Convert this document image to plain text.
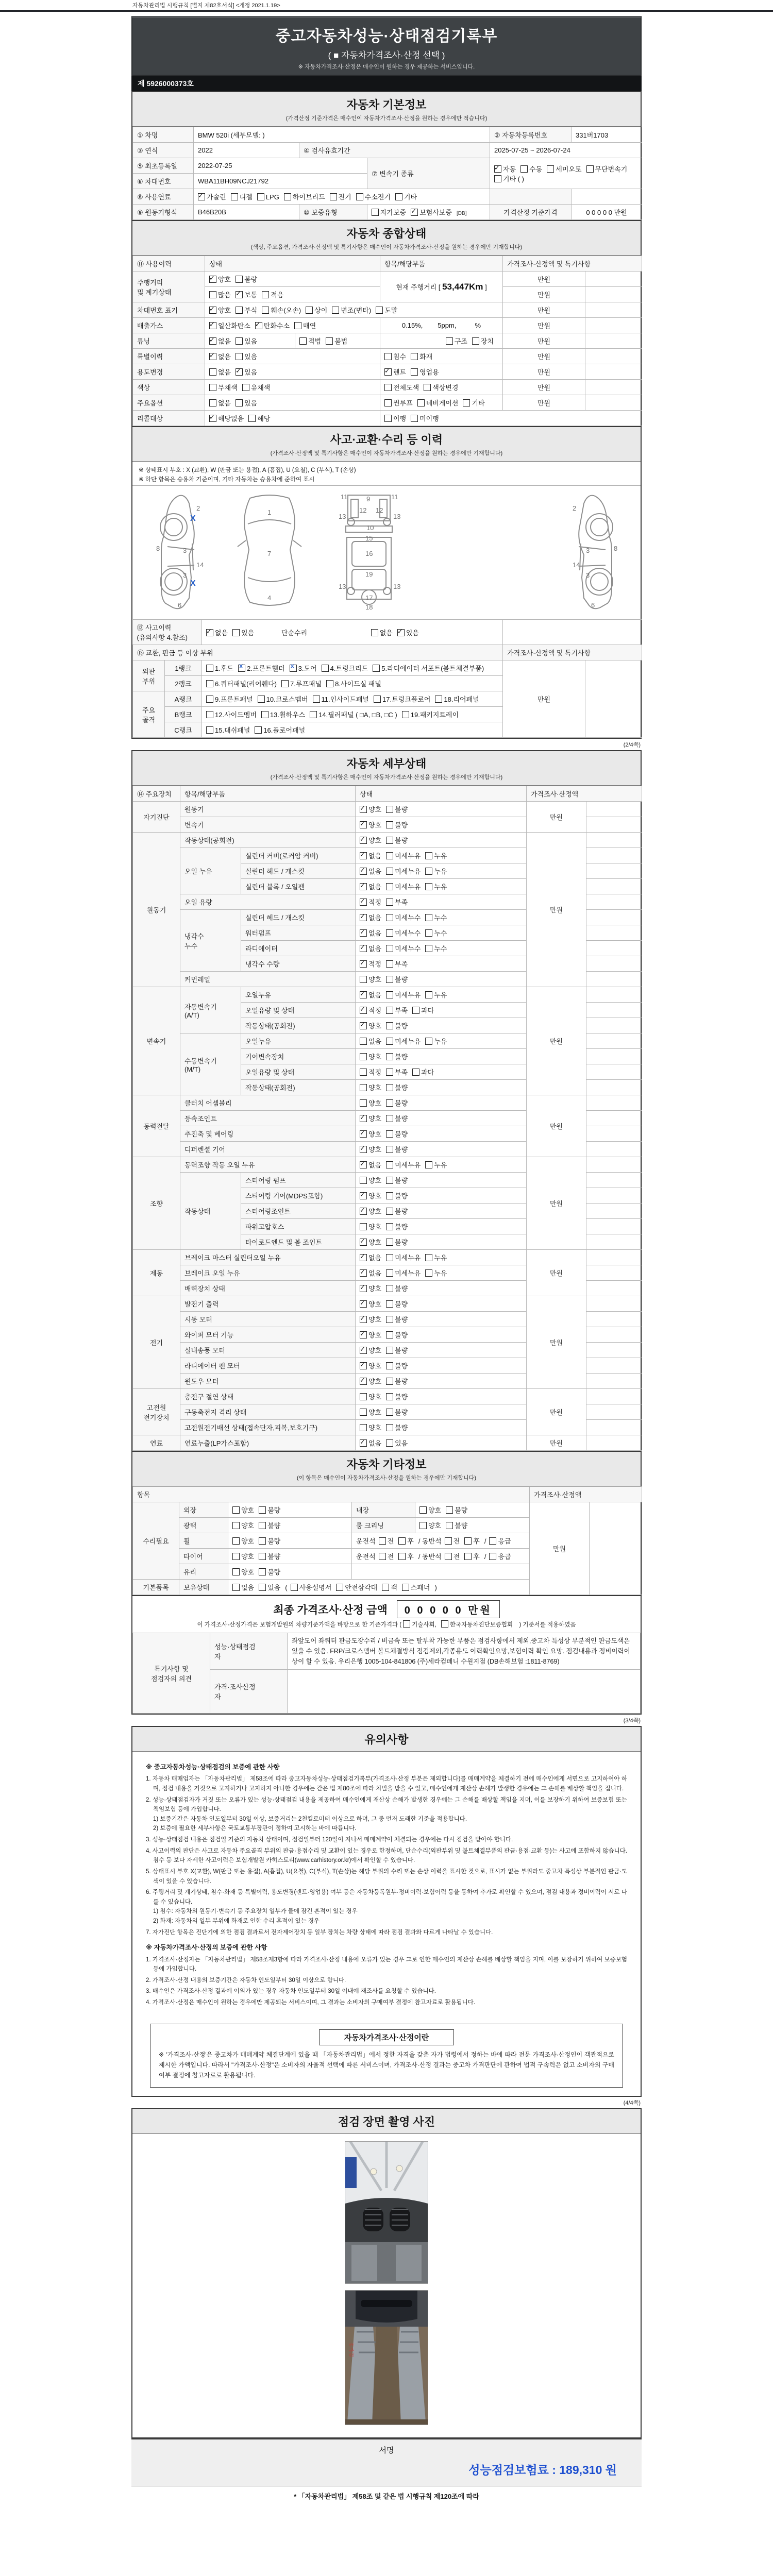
자동차관리법 시행규칙 [별지 제82호서식] <개정 2021.1.19>
중고자동차성능·상태점검기록부
( ■ 자동차가격조사·산정 선택 )
※ 자동차가격조사·산정은 매수인이 원하는 경우 제공하는 서비스입니다.
제 5926000373호
자동차 기본정보
(가격산정 기준가격은 매수인이 자동차가격조사·산정을 원하는 경우에만 적습니다)
① 차명	BMW 520i (세부모델: )			② 자동차등록번호	331버1703
③ 연식	2022	④ 검사유효기간		2025-07-25 ~ 2026-07-24	
⑤ 최초등록일	2022-07-25		⑦ 변속기 종류	✓자동 수동 세미오토 무단변속기기타 ( )
⑥ 차대번호	WBA11BH09NCJ21792				
⑧ 사용연료	✓가솔린 디젤 LPG 하이브리드 전기 수소전기 기타		
⑨ 원동기형식	B46B20B	⑩ 보증유형	자가보증 ✓ 보험사보증 [DB]	가격산정 기준가격	0 0 0 0 0 만원
자동차 종합상태
(색상, 주요옵션, 가격조사·산정액 및 특기사항은 매수인이 자동차가격조사·산정을 원하는 경우에만 기재합니다)
⑪ 사용이력	상태		항목/해당부품	가격조사·산정액 및 특기사항	
주행거리
및 계기상태	✓양호 불량		현재 주행거리 [ 53,447Km ]	만원	
	많음 ✓ 보통 적음			만원	
차대번호 표기	✓양호 부식 훼손(오손) 상이 변조(변타) 도말			만원	
배출가스	✓일산화탄소 ✓ 탄화수소 매연		0.15%,        5ppm,          %	만원	
튜닝	✓없음 있음	적법 불법	구조 장치	만원	
특별이력	✓없음 있음		침수 화재	만원	
용도변경	없음 ✓ 있음	✓렌트 영업용	만원	
색상	무채색 유채색		전체도색 색상변경	만원	
주요옵션	없음 있음		썬루프 네비게이션 기타	만원	
리콜대상	✓해당없음 해당		이행 미이행		
사고·교환·수리 등 이력
(가격조사·산정액 및 특기사항은 매수인이 자동차가격조사·산정을 원하는 경우에만 기재합니다)
※ 상태표시 부호 : X (교환), W (판금 또는 용접), A (흠집), U (요철), C (부식), T (손상)
※ 하단 항목은 승용차 기준이며, 기타 자동차는 승용차에 준하여 표시
2
8	3
14
3
6
1
7
4
11	11
12 12
13	13
9
10
15
16
13	13
19
17
18
2
8
3
14
3
6
X
X
⑫ 사고이력 (유의사항 4.참조)	✓없음 있음 단순수리 없음 ✓ 있음	
⑬ 교환, 판금 등 이상 부위			가격조사·산정액 및 특기사항	
외판
부위	1랭크	1.후드 X 2.프론트휀더 X 3.도어 4.트렁크리드 5.라디에이터 서포트(볼트체결부품)	만원	
	2랭크	6.쿼터패널(리어휀다) 7.루프패널 8.사이드실 패널		
주요
골격	A랭크	9.프론트패널 10.크로스멤버 11.인사이드패널 17.트렁크플로어 18.리어패널		
	B랭크	12.사이드멤버 13.휠하우스 14.필러패널 ( □A, □B, □C ) 19.패키지트레이		
	C랭크	15.대쉬패널 16.플로어패널		
(2/4쪽)
자동차 세부상태
(가격조사·산정액 및 특기사항은 매수인이 자동차가격조사·산정을 원하는 경우에만 기재합니다)
⑭ 주요장치	항목/해당부품		상태	가격조사·산정액	
자기진단	원동기	✓양호 불량	만원	
	변속기	✓양호 불량	
원동기	작동상태(공회전)	✓양호 불량	만원	
	오일 누유	실린더 커버(로커암 커버)	✓없음 미세누유 누유	
		실린더 헤드 / 개스킷	✓없음 미세누유 누유	
		실린더 블록 / 오일팬	✓없음 미세누유 누유	
	오일 유량	✓적정 부족	
	냉각수
누수	실린더 헤드 / 개스킷	✓없음 미세누수 누수	
		워터펌프	✓없음 미세누수 누수	
		라디에이터	✓없음 미세누수 누수	
		냉각수 수량	✓적정 부족	
	커먼레일		양호 불량		
변속기	자동변속기
(A/T)	오일누유	✓없음 미세누유 누유	만원	
		오일유량 및 상태	✓적정 부족 과다	
		작동상태(공회전)	✓양호 불량	
	수동변속기
(M/T)	오일누유	없음 미세누유 누유		
		기어변속장치	양호 불량		
		오일유량 및 상태	적정 부족 과다		
		작동상태(공회전)	양호 불량		
동력전달	클러치 어셈블리		양호 불량	만원	
	등속조인트	✓양호 불량	
	추진축 및 베어링	✓양호 불량	
	디퍼렌셜 기어	✓양호 불량	
조향	동력조향 작동 오일 누유	✓없음 미세누유 누유	만원	
	작동상태	스티어링 펌프	양호 불량		
		스티어링 기어(MDPS포함)	✓양호 불량	
		스티어링조인트	✓양호 불량	
		파워고압호스	양호 불량		
		타이로드엔드 및 볼 조인트	✓양호 불량	
제동	브레이크 마스터 실린더오일 누유	✓없음 미세누유 누유	만원	
	브레이크 오일 누유	✓없음 미세누유 누유	
	배력장치 상태	✓양호 불량	
전기	발전기 출력	✓양호 불량	만원	
	시동 모터	✓양호 불량	
	와이퍼 모터 기능	✓양호 불량	
	실내송풍 모터	✓양호 불량	
	라디에이터 팬 모터	✓양호 불량	
	윈도우 모터	✓양호 불량	
고전원
전기장치	충전구 절연 상태		양호 불량	만원	
	구동축전지 격리 상태		양호 불량		
	고전원전기배선 상태(접속단자,피복,보호기구)		양호 불량		
연료	연료누출(LP가스포함)	✓없음 있음	만원	
자동차 기타정보
(이 항목은 매수인이 자동차가격조사·산정을 원하는 경우에만 기재합니다)
항목					가격조사·산정액	
수리필요	외장	양호 불량	내장	양호 불량	만원	
	광택	양호 불량	룸 크리닝	양호 불량		
	휠	양호 불량	운전석 전 후 / 동반석 전 후 / 응급			
	타이어	양호 불량	운전석 전 후 / 동반석 전 후 / 응급			
	유리	양호 불량				
기본품목	보유상태	없음 있음 ( 사용설명서 안전삼각대 잭 스패너 )				
최종 가격조사·산정 금액	0 0 0 0 0 만원
이 가격조사·산정가격은 보험개발원의 차량기준가액을 바탕으로 한 기준가격과 ( 기술사회, 한국자동차진단보증협회 ) 기준서를 적용하였음
특기사항 및
점검자의 의견	성능·상태점검
자	좌앞도어 좌쿼터 판금도장수리 / 비금속 또는 탈부착 가능한 부품은 점검사항에서 제외,중고차 특성상 부분적인 판금도색은 있을 수 있음. FRP/크로스멤버 볼트체결방식 점검제외,각종용도 이력확인요망,보험이력 확인 요망. 점검내용과 정비이력이 상이 할 수 있음. 우리은행 1005-104-841806 (주)세라컴페니 수원지점 (DB손해보험 :1811-8769)
	가격·조사산정
자	
(3/4쪽)
유의사항
※ 중고자동차성능·상태점검의 보증에 관한 사항

1. 자동차 매매업자는 「자동차관리법」 제58조에 따라 중고자동차성능·상태점검기록부(가격조사·산정 부분은 제외합니다)를 매매계약을 체결하기 전에 매수인에게 서면으로 고지하여야 하며, 점검 내용을 거짓으로 고지하거나 고지하지 아니한 경우에는 같은 법 제80조에 따라 처벌을 받을 수 있고, 매수인에게 재산상 손해가 발생한 경우에는 그 손해를 배상할 책임을 집니다.

2. 성능·상태점검자가 거짓 또는 오류가 있는 성능·상태점검 내용을 제공하여 매수인에게 재산상 손해가 발생한 경우에는 그 손해를 배상할 책임을 지며, 이를 보장하기 위하여 보증보험 또는 책임보험 등에 가입합니다.
1) 보증기간은 자동차 인도일부터 30일 이상, 보증거리는 2천킬로미터 이상으로 하며, 그 중 먼저 도래한 기준을 적용합니다.
2) 보증에 필요한 세부사항은 국토교통부장관이 정하여 고시하는 바에 따릅니다.

3. 성능·상태점검 내용은 점검일 기준의 자동차 상태이며, 점검일부터 120일이 지나서 매매계약이 체결되는 경우에는 다시 점검을 받아야 합니다.

4. 사고이력의 판단은 사고로 자동차 주요골격 부위의 판금·용접수리 및 교환이 있는 경우로 한정하며, 단순수리(외판부위 및 볼트체결부품의 판금·용접·교환 등)는 사고에 포함하지 않습니다. 침수 등 보다 자세한 사고이력은 보험개발원 카히스토리(www.carhistory.or.kr)에서 확인할 수 있습니다.

5. 상태표시 부호 X(교환), W(판금 또는 용접), A(흠집), U(요철), C(부식), T(손상)는 해당 부위의 수리 또는 손상 이력을 표시한 것으로, 표시가 없는 부위라도 중고차 특성상 부분적인 판금·도색이 있을 수 있습니다.

6. 주행거리 및 계기상태, 침수·화재 등 특별이력, 용도변경(렌트·영업용) 여부 등은 자동차등록원부·정비이력·보험이력 등을 통하여 추가로 확인할 수 있으며, 점검 내용과 정비이력이 서로 다를 수 있습니다.
1) 침수: 자동차의 원동기·변속기 등 주요장치 일부가 물에 잠긴 흔적이 있는 경우
2) 화재: 자동차의 일부 부위에 화재로 인한 수리 흔적이 있는 경우

7. 자가진단 항목은 진단기에 의한 점검 결과로서 전자제어장치 등 일부 장치는 차량 상태에 따라 점검 결과와 다르게 나타날 수 있습니다.

※ 자동차가격조사·산정의 보증에 관한 사항

1. 가격조사·산정자는 「자동차관리법」 제58조제3항에 따라 가격조사·산정 내용에 오류가 있는 경우 그로 인한 매수인의 재산상 손해를 배상할 책임을 지며, 이를 보장하기 위하여 보증보험 등에 가입합니다.

2. 가격조사·산정 내용의 보증기간은 자동차 인도일부터 30일 이상으로 합니다.

3. 매수인은 가격조사·산정 결과에 이의가 있는 경우 자동차 인도일부터 30일 이내에 재조사를 요청할 수 있습니다.

4. 가격조사·산정은 매수인이 원하는 경우에만 제공되는 서비스이며, 그 결과는 소비자의 구매여부 결정에 참고자료로 활용됩니다.

자동차가격조사·산정이란
※ '가격조사·산정'은 중고차가 매매계약 체결단계에 있을 때 「자동차관리법」에서 정한 자격을 갖춘 자가 법령에서 정하는 바에 따라 전문 가격조사·산정인이 객관적으로 제시한 가액입니다. 따라서 "가격조사·산정"은 소비자의 자율적 선택에 따른 서비스이며, 가격조사·산정 결과는 중고차 가격판단에 관하여 법적 구속력은 없고 소비자의 구매여부 결정에 참고자료로 활용됩니다.
(4/4쪽)
점검 장면 촬영 사진
점가검
서명
성능점검보험료 : 189,310 원
* 「자동차관리법」 제58조 및 같은 법 시행규칙 제120조에 따라
